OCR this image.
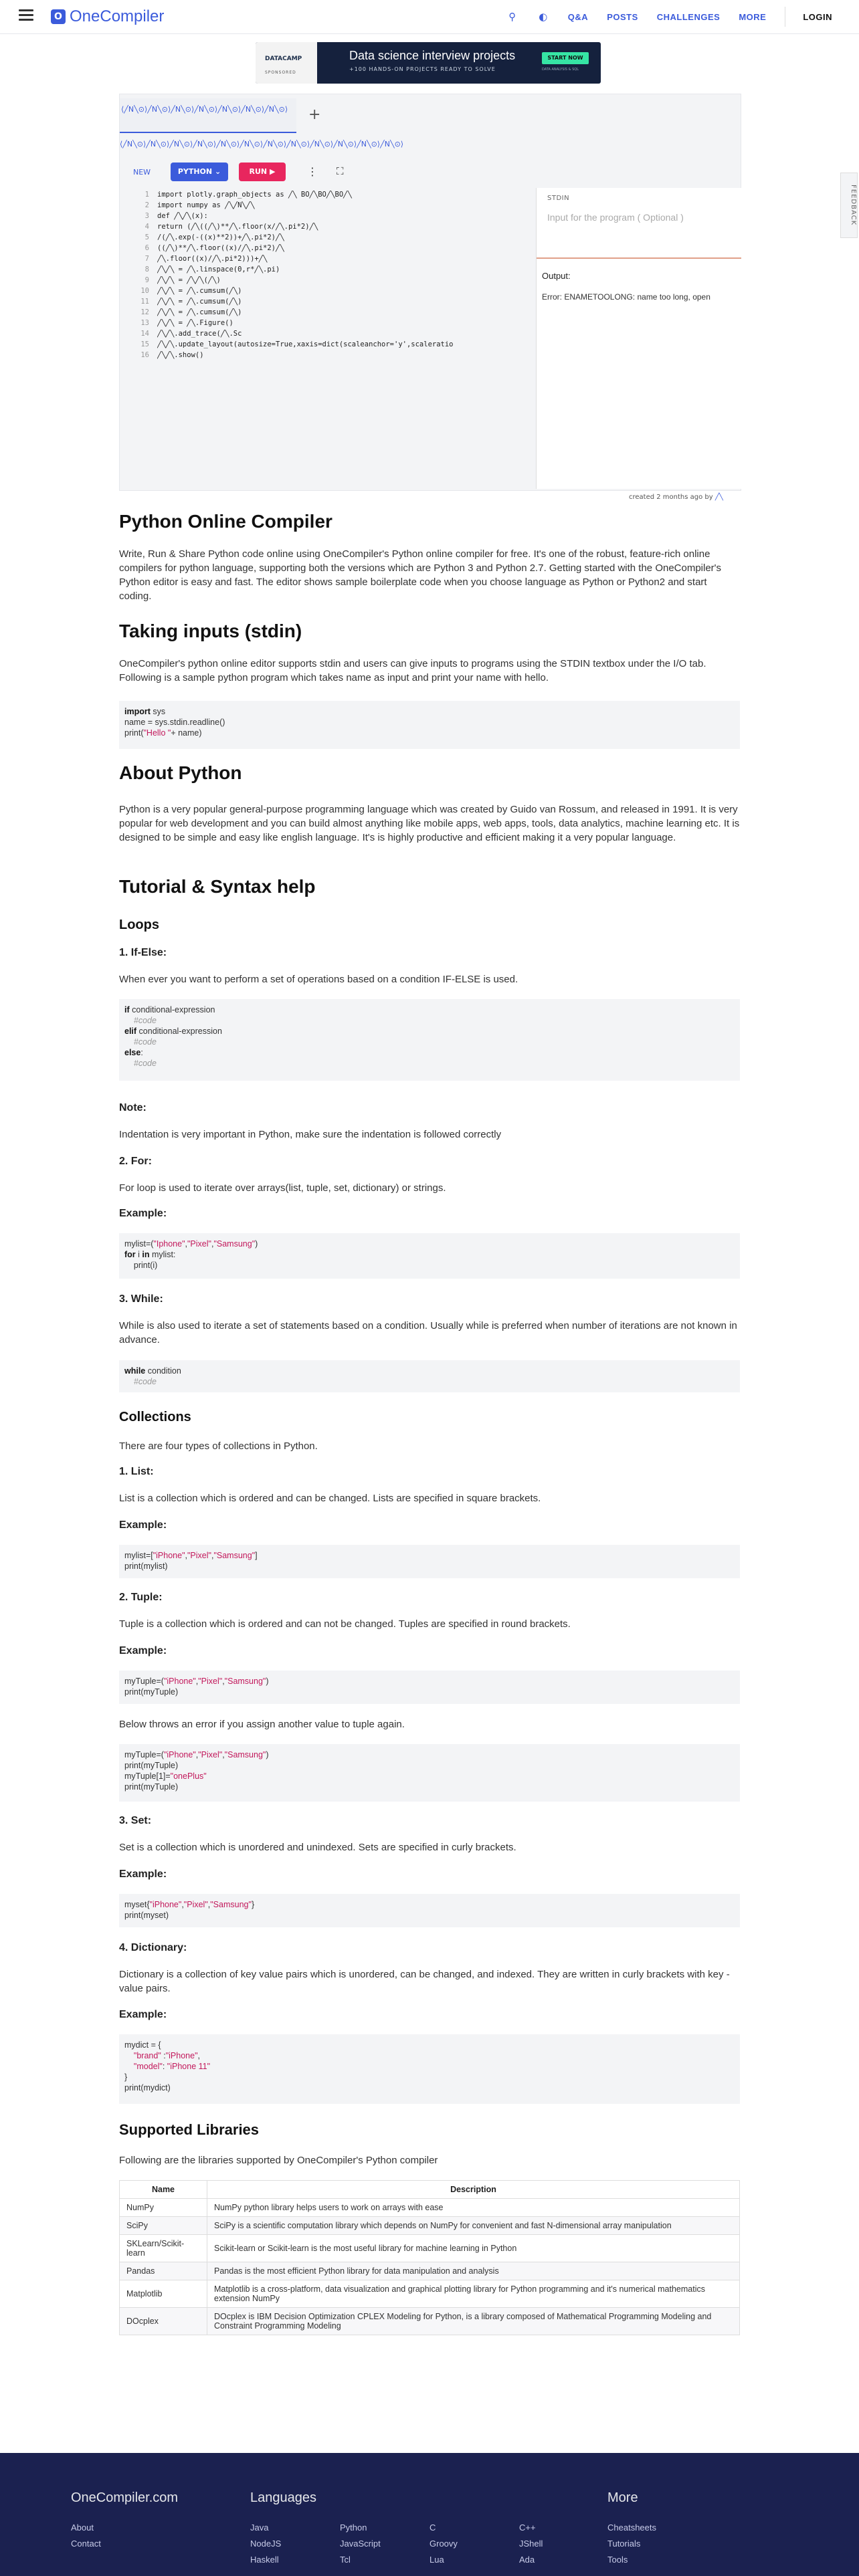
O OneCompiler	⚲ ◐ Q&A POSTS CHALLENGES MORE	LOGIN
DATACAMP
SPONSORED
Data science interview projects
+100 HANDS-ON PROJECTS READY TO SOLVE
START NOW
DATA ANALYSIS & SQL
⟨╱N╲⊙⟩╱N╲⊙⟩╱N╲⊙⟩╱N╲⊙⟩╱N╲⊙⟩╱N╲⊙⟩╱N╲⊙⟩	+
⟨╱N╲⊙⟩╱N╲⊙⟩╱N╲⊙⟩╱N╲⊙⟩╱N╲⊙⟩╱N╲⊙⟩╱N╲⊙⟩╱N╲⊙⟩╱N╲⊙⟩╱N╲⊙⟩╱N╲⊙⟩╱N╲⊙⟩
NEW	PYTHON ⌄	RUN ▶	⋮ ⛶
1 import plotly.graph_objects as ╱╲ ВО╱╲ВО╱╲ВО╱╲
2 import numpy as ╱╲╱N╲╱╲
3 def ╱╲╱╲(x):
4 return (╱╲((╱╲)**╱╲.floor(x/╱╲.pi*2)╱╲
5 /(╱╲.exp(-((x)**2))+╱╲.pi*2)╱╲
6 ((╱╲)**╱╲.floor((x)/╱╲.pi*2)╱╲
7 ╱╲.floor((x)/╱╲.pi*2)))+╱╲
8 ╱╲╱╲ = ╱╲.linspace(0,r*╱╲.pi)
9 ╱╲╱╲ = ╱╲╱╲(╱╲)
10 ╱╲╱╲ = ╱╲.cumsum(╱╲)
11 ╱╲╱╲ = ╱╲.cumsum(╱╲)
12 ╱╲╱╲ = ╱╲.cumsum(╱╲)
13 ╱╲╱╲ = ╱╲.Figure()
14 ╱╲╱╲.add_trace(╱╲.Sc
15 ╱╲╱╲.update_layout(autosize=True,xaxis=dict(scaleanchor='y',scaleratio
16 ╱╲╱╲.show()
STDIN
Input for the program ( Optional )
Output:
Error: ENAMETOOLONG: name too long, open
FEEDBACK
created 2 months ago by ╱╲
Python Online Compiler

Write, Run & Share Python code online using OneCompiler's Python online compiler for free. It's one of the robust, feature-rich online compilers for python language, supporting both the versions which are Python 3 and Python 2.7. Getting started with the OneCompiler's Python editor is easy and fast. The editor shows sample boilerplate code when you choose language as Python or Python2 and start coding.

Taking inputs (stdin)

OneCompiler's python online editor supports stdin and users can give inputs to programs using the STDIN textbox under the I/O tab. Following is a sample python program which takes name as input and print your name with hello.

import sys
name = sys.stdin.readline()
print("Hello "+ name)
About Python

Python is a very popular general-purpose programming language which was created by Guido van Rossum, and released in 1991. It is very popular for web development and you can build almost anything like mobile apps, web apps, tools, data analytics, machine learning etc. It is designed to be simple and easy like english language. It's is highly productive and efficient making it a very popular language.

Tutorial & Syntax help
Loops
1. If-Else:

When ever you want to perform a set of operations based on a condition IF-ELSE is used.

if conditional-expression
#code
elif conditional-expression
#code
else:
#code
Note:

Indentation is very important in Python, make sure the indentation is followed correctly

2. For:

For loop is used to iterate over arrays(list, tuple, set, dictionary) or strings.

Example:
mylist=("Iphone","Pixel","Samsung")
for i in mylist:
print(i)
3. While:

While is also used to iterate a set of statements based on a condition. Usually while is preferred when number of iterations are not known in advance.

while condition
#code
Collections

There are four types of collections in Python.

1. List:

List is a collection which is ordered and can be changed. Lists are specified in square brackets.

Example:
mylist=["iPhone","Pixel","Samsung"]
print(mylist)
2. Tuple:

Tuple is a collection which is ordered and can not be changed. Tuples are specified in round brackets.

Example:
myTuple=("iPhone","Pixel","Samsung")
print(myTuple)

Below throws an error if you assign another value to tuple again.

myTuple=("iPhone","Pixel","Samsung")
print(myTuple)
myTuple[1]="onePlus"
print(myTuple)
3. Set:

Set is a collection which is unordered and unindexed. Sets are specified in curly brackets.

Example:
myset{"iPhone","Pixel","Samsung"}
print(myset)
4. Dictionary:

Dictionary is a collection of key value pairs which is unordered, can be changed, and indexed. They are written in curly brackets with key - value pairs.

Example:
mydict = {
"brand" :"iPhone",
"model": "iPhone 11"
}
print(mydict)
Supported Libraries

Following are the libraries supported by OneCompiler's Python compiler

Name	Description
NumPy	NumPy python library helps users to work on arrays with ease
SciPy	SciPy is a scientific computation library which depends on NumPy for convenient and fast N-dimensional array manipulation
SKLearn/Scikit-learn	Scikit-learn or Scikit-learn is the most useful library for machine learning in Python
Pandas	Pandas is the most efficient Python library for data manipulation and analysis
Matplotlib	Matplotlib is a cross-platform, data visualization and graphical plotting library for Python programming and it's numerical mathematics extension NumPy
DOcplex	DOcplex is IBM Decision Optimization CPLEX Modeling for Python, is a library composed of Mathematical Programming Modeling and Constraint Programming Modeling
OneCompiler.com
About
Contact
Languages
Java
NodeJS
Haskell
Python
JavaScript
Tcl
C
Groovy
Lua
C++
JShell
Ada
More
Cheatsheets
Tutorials
Tools
